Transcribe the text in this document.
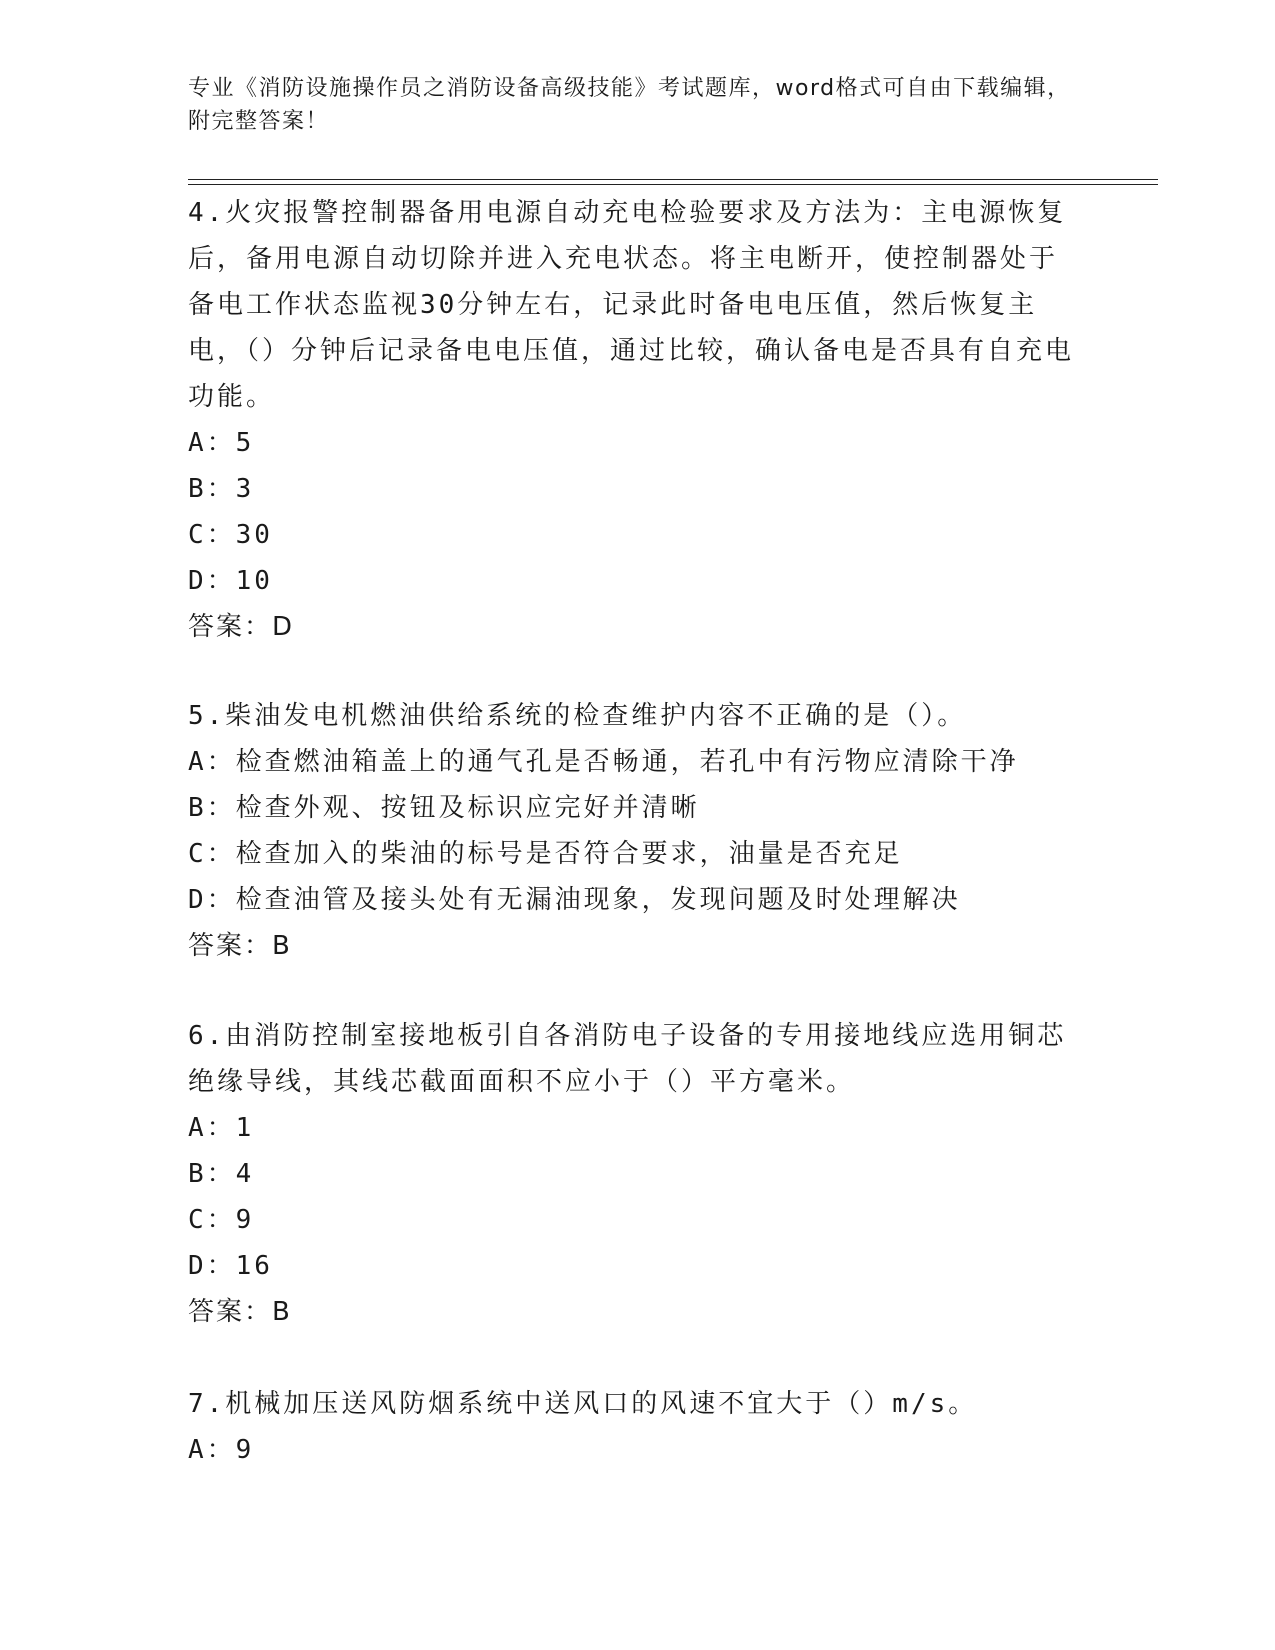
专业《消防设施操作员之消防设备高级技能》考试题库，word格式可自由下载编辑，附完整答案！
4.火灾报警控制器备用电源自动充电检验要求及方法为：主电源恢复后，备用电源自动切除并进入充电状态。将主电断开，使控制器处于备电工作状态监视30分钟左右，记录此时备电电压值，然后恢复主电，（）分钟后记录备电电压值，通过比较，确认备电是否具有自充电功能。
A：5
B：3
C：30
D：10
答案：D
5.柴油发电机燃油供给系统的检查维护内容不正确的是（）。
A：检查燃油箱盖上的通气孔是否畅通，若孔中有污物应清除干净
B：检查外观、按钮及标识应完好并清晰
C：检查加入的柴油的标号是否符合要求，油量是否充足
D：检查油管及接头处有无漏油现象，发现问题及时处理解决
答案：B
6.由消防控制室接地板引自各消防电子设备的专用接地线应选用铜芯绝缘导线，其线芯截面面积不应小于（）平方毫米。
A：1
B：4
C：9
D：16
答案：B
7.机械加压送风防烟系统中送风口的风速不宜大于（）m/s。
A：9
